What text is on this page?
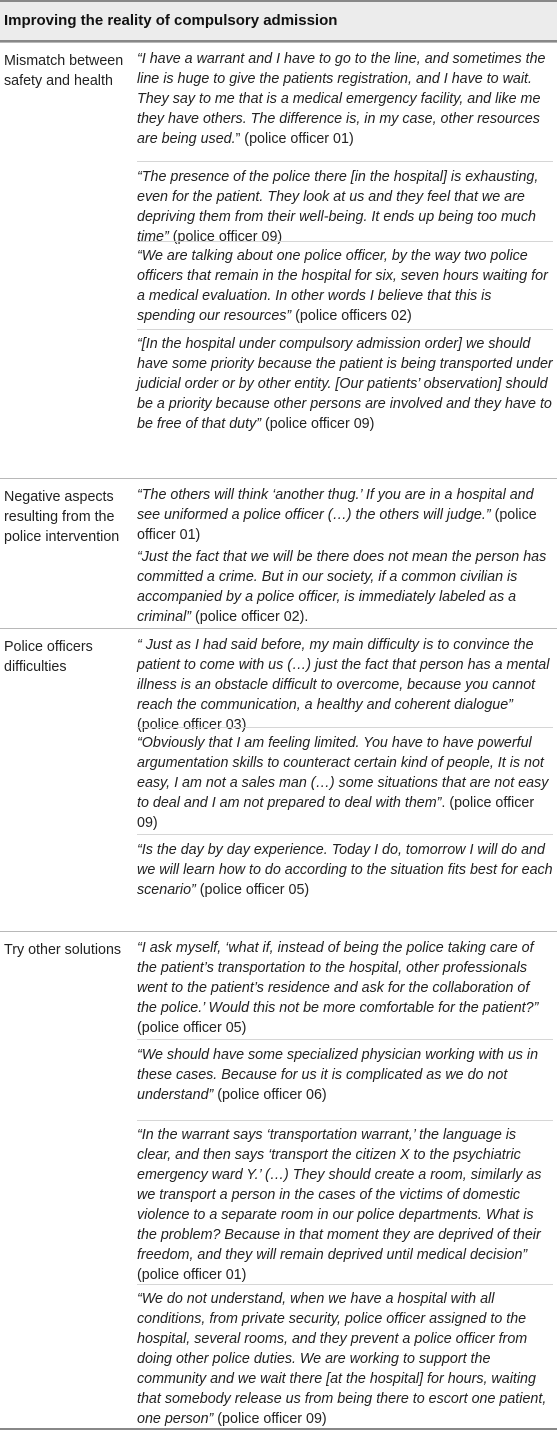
Improving the reality of compulsory admission
Mismatch between safety and health
“I have a warrant and I have to go to the line, and sometimes the line is huge to give the patients registration, and I have to wait. They say to me that is a medical emergency facility, and like me they have others. The difference is, in my case, other resources are being used.” (police officer 01)
“The presence of the police there [in the hospital] is exhausting, even for the patient. They look at us and they feel that we are depriving them from their well-being. It ends up being too much time” (police officer 09)
“We are talking about one police officer, by the way two police officers that remain in the hospital for six, seven hours waiting for a medical evaluation. In other words I believe that this is spending our resources” (police officers 02)
“[In the hospital under compulsory admission order] we should have some priority because the patient is being transported under judicial order or by other entity. [Our patients’ observation] should be a priority because other persons are involved and they have to be free of that duty” (police officer 09)
Negative aspects resulting from the police intervention
“The others will think ‘another thug.’ If you are in a hospital and see uniformed a police officer (…) the others will judge.” (police officer 01)
“Just the fact that we will be there does not mean the person has committed a crime. But in our society, if a common civilian is accompanied by a police officer, is immediately labeled as a criminal” (police officer 02).
Police officers difficulties
“ Just as I had said before, my main difficulty is to convince the patient to come with us (…) just the fact that person has a mental illness is an obstacle difficult to overcome, because you cannot reach the communication, a healthy and coherent dialogue” (police officer 03)
“Obviously that I am feeling limited. You have to have powerful argumentation skills to counteract certain kind of people, It is not easy, I am not a sales man (…) some situations that are not easy to deal and I am not prepared to deal with them”. (police officer 09)
“Is the day by day experience. Today I do, tomorrow I will do and we will learn how to do according to the situation fits best for each scenario” (police officer 05)
Try other solutions	“I ask myself, ‘what if, instead of being the police taking care of the patient’s transportation to the hospital, other professionals went to the patient’s residence and ask for the collaboration of the police.’ Would this not be more comfortable for the patient?” (police officer 05)
“We should have some specialized physician working with us in these cases. Because for us it is complicated as we do not understand” (police officer 06)
“In the warrant says ‘transportation warrant,’ the language is clear, and then says ‘transport the citizen X to the psychiatric emergency ward Y.’ (…) They should create a room, similarly as we transport a person in the cases of the victims of domestic violence to a separate room in our police departments. What is the problem? Because in that moment they are deprived of their freedom, and they will remain deprived until medical decision” (police officer 01)
“We do not understand, when we have a hospital with all conditions, from private security, police officer assigned to the hospital, several rooms, and they prevent a police officer from doing other police duties. We are working to support the community and we wait there [at the hospital] for hours, waiting that somebody release us from being there to escort one patient, one person” (police officer 09)
